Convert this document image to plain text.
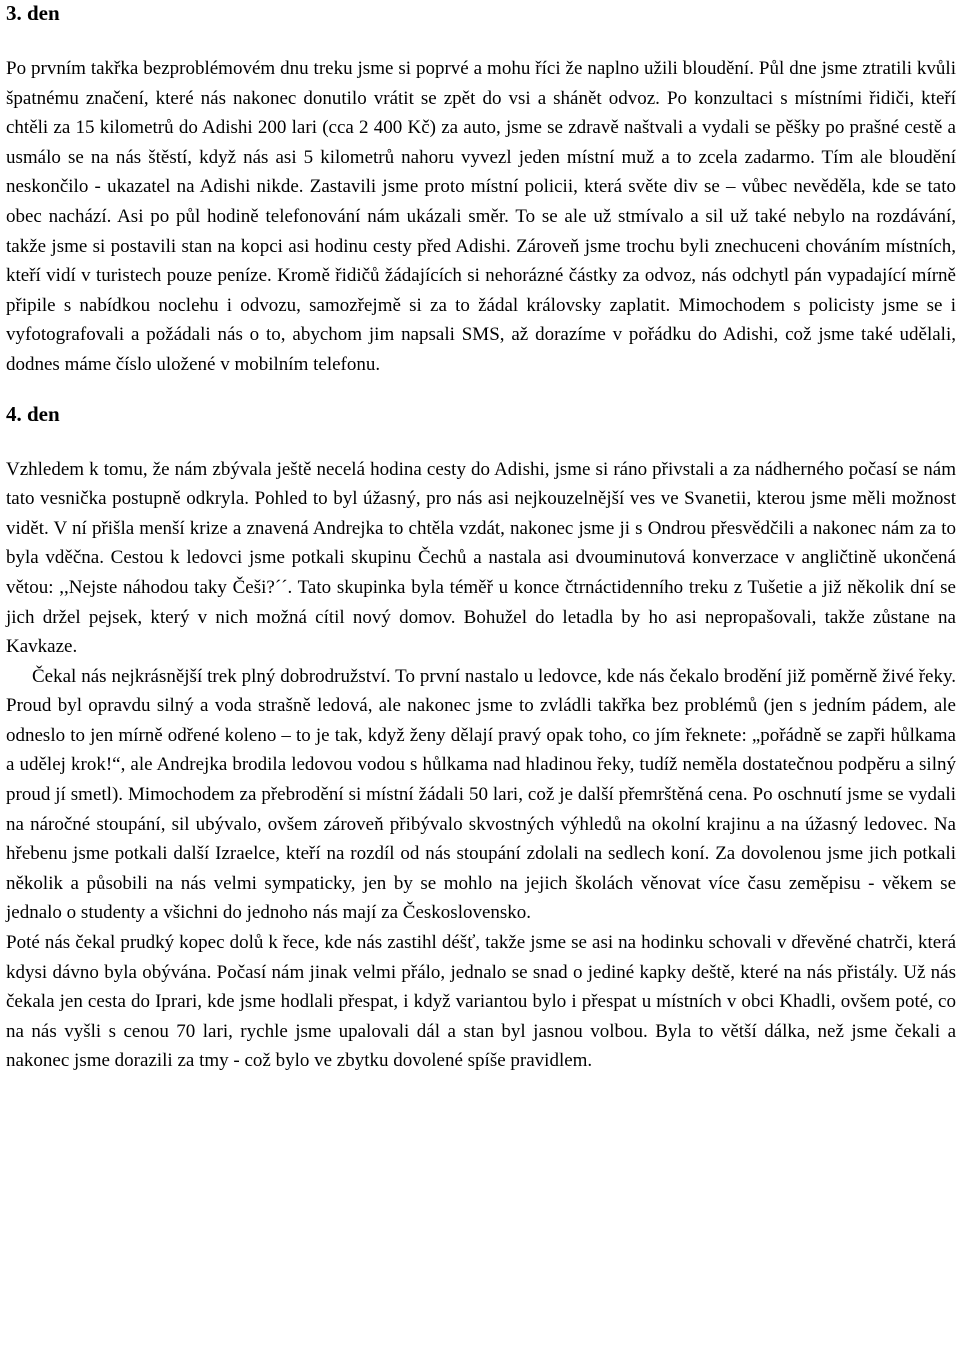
3. den

Po prvním takřka bezproblémovém dnu treku jsme si poprvé a mohu říci že naplno užili bloudění. Půl dne jsme ztratili kvůli špatnému značení, které nás nakonec donutilo vrátit se zpět do vsi a shánět odvoz. Po konzultaci s místními řidiči, kteří chtěli za 15 kilometrů do Adishi 200 lari (cca 2 400 Kč) za auto, jsme se zdravě naštvali a vydali se pěšky po prašné cestě a usmálo se na nás štěstí, když nás asi 5 kilometrů nahoru vyvezl jeden místní muž a to zcela zadarmo. Tím ale bloudění neskončilo - ukazatel na Adishi nikde. Zastavili jsme proto místní policii, která světe div se – vůbec nevěděla, kde se tato obec nachází. Asi po půl hodině telefonování nám ukázali směr. To se ale už stmívalo a sil už také nebylo na rozdávání, takže jsme si postavili stan na kopci asi hodinu cesty před Adishi. Zároveň jsme trochu byli znechuceni chováním místních, kteří vidí v turistech pouze peníze. Kromě řidičů žádajících si nehorázné částky za odvoz, nás odchytl pán vypadající mírně připile s nabídkou noclehu i odvozu, samozřejmě si za to žádal královsky zaplatit. Mimochodem s policisty jsme se i vyfotografovali a požádali nás o to, abychom jim napsali SMS, až dorazíme v pořádku do Adishi, což jsme také udělali, dodnes máme číslo uložené v mobilním telefonu.

4. den

Vzhledem k tomu, že nám zbývala ještě necelá hodina cesty do Adishi, jsme si ráno přivstali a za nádherného počasí se nám tato vesnička postupně odkryla. Pohled to byl úžasný, pro nás asi nejkouzelnější ves ve Svanetii, kterou jsme měli možnost vidět. V ní přišla menší krize a znavená Andrejka to chtěla vzdát, nakonec jsme ji s Ondrou přesvědčili a nakonec nám za to byla vděčna. Cestou k ledovci jsme potkali skupinu Čechů a nastala asi dvouminutová konverzace v angličtině ukončená větou: ,,Nejste náhodou taky Češi?´´. Tato skupinka byla téměř u konce čtrnáctidenního treku z Tušetie a již několik dní se jich držel pejsek, který v nich možná cítil nový domov. Bohužel do letadla by ho asi nepropašovali, takže zůstane na Kavkaze.

Čekal nás nejkrásnější trek plný dobrodružství. To první nastalo u ledovce, kde nás čekalo brodění již poměrně živé řeky. Proud byl opravdu silný a voda strašně ledová, ale nakonec jsme to zvládli takřka bez problémů (jen s jedním pádem, ale odneslo to jen mírně odřené koleno – to je tak, když ženy dělají pravý opak toho, co jím řeknete: „pořádně se zapři hůlkama a udělej krok!“, ale Andrejka brodila ledovou vodou s hůlkama nad hladinou řeky, tudíž neměla dostatečnou podpěru a silný proud jí smetl). Mimochodem za přebrodění si místní žádali 50 lari, což je další přemrštěná cena. Po oschnutí jsme se vydali na náročné stoupání, sil ubývalo, ovšem zároveň přibývalo skvostných výhledů na okolní krajinu a na úžasný ledovec. Na hřebenu jsme potkali další Izraelce, kteří na rozdíl od nás stoupání zdolali na sedlech koní. Za dovolenou jsme jich potkali několik a působili na nás velmi sympaticky, jen by se mohlo na jejich školách věnovat více času zeměpisu - věkem se jednalo o studenty a všichni do jednoho nás mají za Československo.

Poté nás čekal prudký kopec dolů k řece, kde nás zastihl déšť, takže jsme se asi na hodinku schovali v dřevěné chatrči, která kdysi dávno byla obývána. Počasí nám jinak velmi přálo, jednalo se snad o jediné kapky deště, které na nás přistály. Už nás čekala jen cesta do Iprari, kde jsme hodlali přespat, i když variantou bylo i přespat u místních v obci Khadli, ovšem poté, co na nás vyšli s cenou 70 lari, rychle jsme upalovali dál a stan byl jasnou volbou. Byla to větší dálka, než jsme čekali a nakonec jsme dorazili za tmy - což bylo ve zbytku dovolené spíše pravidlem.
